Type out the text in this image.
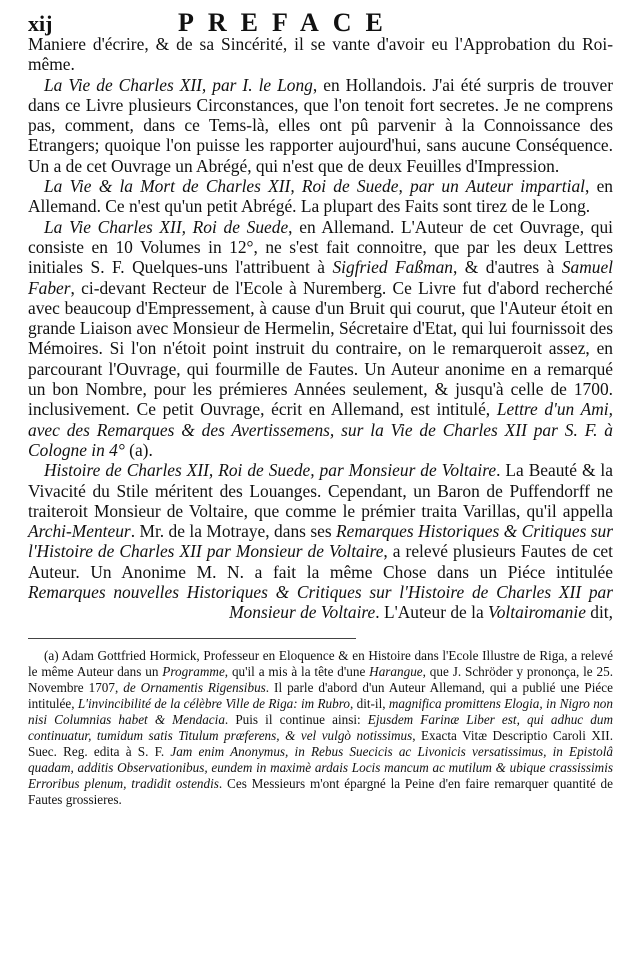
xij	PREFACE

Maniere d'écrire, & de sa Sincérité, il se vante d'avoir eu l'Approbation du Roi-même.

La Vie de Charles XII, par I. le Long, en Hollandois. J'ai été surpris de trouver dans ce Livre plusieurs Circonstances, que l'on tenoit fort secretes. Je ne comprens pas, comment, dans ce Tems-là, elles ont pû parvenir à la Connoissance des Etrangers; quoique l'on puisse les rapporter aujourd'hui, sans aucune Conséquence. Un a de cet Ouvrage un Abrégé, qui n'est que de deux Feuilles d'Impression.

La Vie & la Mort de Charles XII, Roi de Suede, par un Auteur impartial, en Allemand. Ce n'est qu'un petit Abrégé. La plupart des Faits sont tirez de le Long.

La Vie Charles XII, Roi de Suede, en Allemand. L'Auteur de cet Ouvrage, qui consiste en 10 Volumes in 12°, ne s'est fait connoitre, que par les deux Lettres initiales S. F. Quelques-uns l'attribuent à Sigfried Faßman, & d'autres à Samuel Faber, ci-devant Recteur de l'Ecole à Nuremberg. Ce Livre fut d'abord recherché avec beaucoup d'Empressement, à cause d'un Bruit qui courut, que l'Auteur étoit en grande Liaison avec Monsieur de Hermelin, Sécretaire d'Etat, qui lui fournissoit des Mémoires. Si l'on n'étoit point instruit du contraire, on le remarqueroit assez, en parcourant l'Ouvrage, qui fourmille de Fautes. Un Auteur anonime en a remarqué un bon Nombre, pour les prémieres Années seulement, & jusqu'à celle de 1700. inclusivement. Ce petit Ouvrage, écrit en Allemand, est intitulé, Lettre d'un Ami, avec des Remarques & des Avertissemens, sur la Vie de Charles XII par S. F. à Cologne in 4° (a).

Histoire de Charles XII, Roi de Suede, par Monsieur de Voltaire. La Beauté & la Vivacité du Stile méritent des Louanges. Cependant, un Baron de Puffendorff ne traiteroit Monsieur de Voltaire, que comme le prémier traita Varillas, qu'il appella Archi-Menteur. Mr. de la Motraye, dans ses Remarques Historiques & Critiques sur l'Histoire de Charles XII par Monsieur de Voltaire, a relevé plusieurs Fautes de cet Auteur. Un Anonime M. N. a fait la même Chose dans un Piéce intitulée Remarques nouvelles Historiques & Critiques sur l'Histoire de Charles XII par Monsieur de Voltaire. L'Auteur de la Voltairomanie dit,

(a) Adam Gottfried Hormick, Professeur en Eloquence & en Histoire dans l'Ecole Illustre de Riga, a relevé le même Auteur dans un Programme, qu'il a mis à la tête d'une Harangue, que J. Schröder y prononça, le 25. Novembre 1707, de Ornamentis Rigensibus. Il parle d'abord d'un Auteur Allemand, qui a publié une Piéce intitulée, L'invincibilité de la célèbre Ville de Riga: im Rubro, dit-il, magnifica promittens Elogia, in Nigro non nisi Columnias habet & Mendacia. Puis il continue ainsi: Ejusdem Farinæ Liber est, qui adhuc dum continuatur, tumidum satis Titulum præferens, & vel vulgò notissimus, Exacta Vitæ Descriptio Caroli XII. Suec. Reg. edita à S. F. Jam enim Anonymus, in Rebus Suecicis ac Livonicis versatissimus, in Epistolâ quadam, additis Observationibus, eundem in maximè ardais Locis mancum ac mutilum & ubique crassissimis Erroribus plenum, tradidit ostendis. Ces Messieurs m'ont épargné la Peine d'en faire remarquer quantité de Fautes grossieres.
